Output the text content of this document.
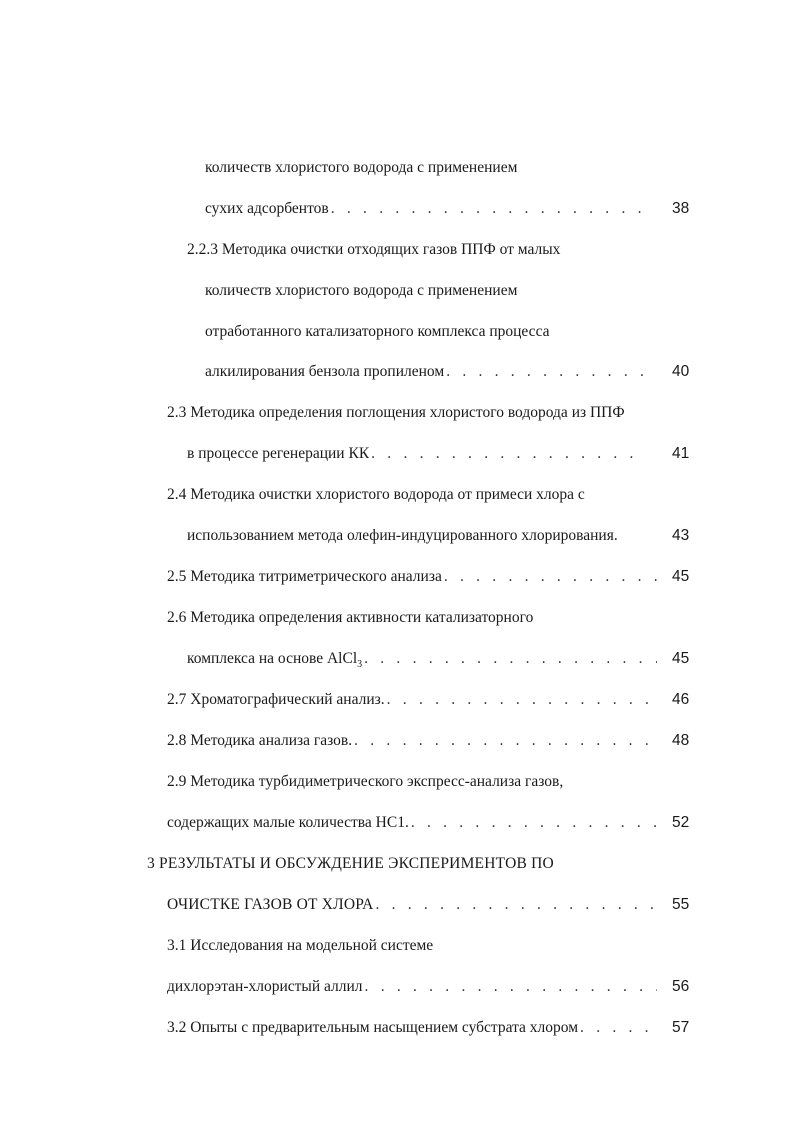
количеств хлористого водорода с применением
сухих адсорбентов . . .	38
2.2.3 Методика очистки отходящих газов ППФ от малых
количеств хлористого водорода с применением
отработанного катализаторного комплекса процесса
алкилирования бензола пропиленом . . .	40
2.3 Методика определения поглощения хлористого водорода из ППФ
в процессе регенерации КК . . .	41
2.4 Методика очистки хлористого водорода от примеси хлора с
использованием метода олефин-индуцированного хлорирования.	43
2.5 Методика титриметрического анализа . . .	45
2.6 Методика определения активности катализаторного
комплекса на основе AlCl$_3$ . . .	45
2.7 Хроматографический анализ. . . .	46
2.8 Методика анализа газов. . . .	48
2.9 Методика турбидиметрического экспресс-анализа газов,
содержащих малые количества НС1. . . .	52
3 РЕЗУЛЬТАТЫ И ОБСУЖДЕНИЕ ЭКСПЕРИМЕНТОВ ПО
ОЧИСТКЕ ГАЗОВ ОТ ХЛОРА . . .	55
3.1 Исследования на модельной системе
дихлорэтан-хлористый аллил . . .	56
3.2 Опыты с предварительным насыщением субстрата хлором . . .	57
